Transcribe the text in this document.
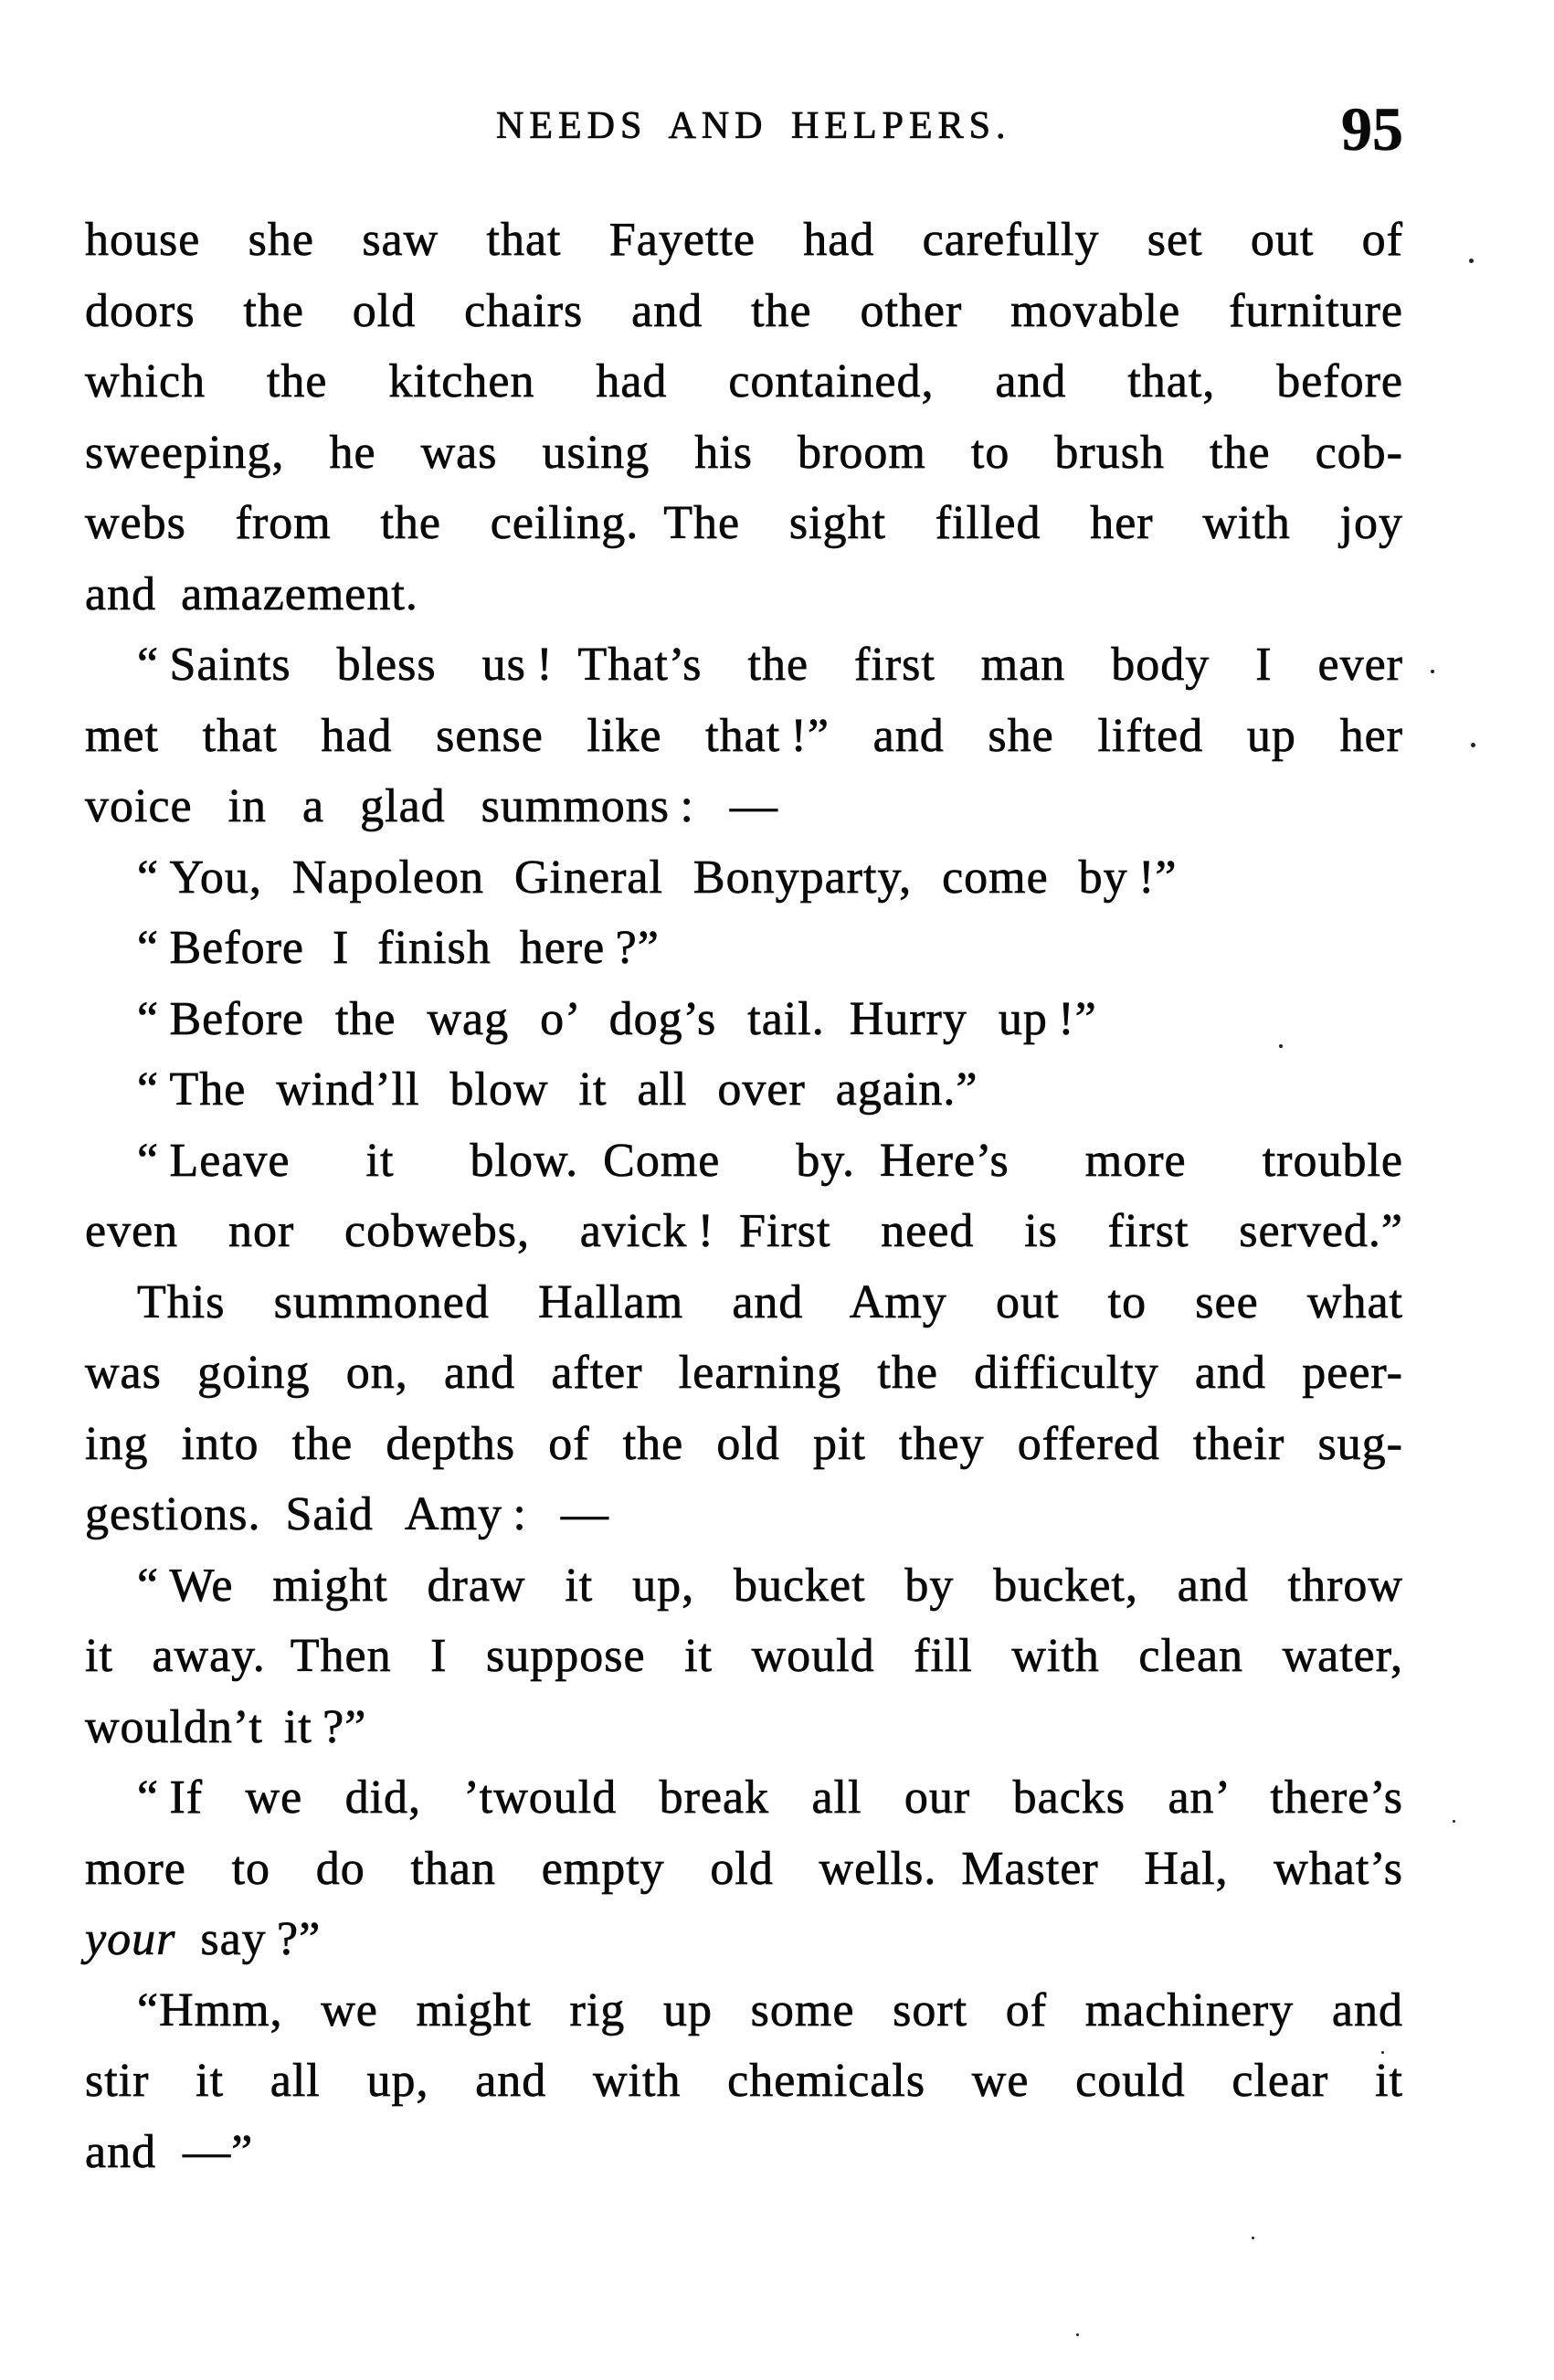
NEEDS AND HELPERS.	95
house she saw that Fayette had carefully set out of
doors the old chairs and the other movable furniture
which the kitchen had contained, and that, before
sweeping, he was using his broom to brush the cob-
webs from the ceiling. The sight filled her with joy
and amazement.
“ Saints bless us ! That’s the first man body I ever
met that had sense like that !” and she lifted up her
voice in a glad summons : —
“ You, Napoleon Gineral Bonyparty, come by !”
“ Before I finish here ?”
“ Before the wag o’ dog’s tail. Hurry up !”
“ The wind’ll blow it all over again.”
“ Leave it blow. Come by. Here’s more trouble
even nor cobwebs, avick ! First need is first served.”
This summoned Hallam and Amy out to see what
was going on, and after learning the difficulty and peer-
ing into the depths of the old pit they offered their sug-
gestions. Said Amy : —
“ We might draw it up, bucket by bucket, and throw
it away. Then I suppose it would fill with clean water,
wouldn’t it ?”
“ If we did, ’twould break all our backs an’ there’s
more to do than empty old wells. Master Hal, what’s
your say ?”
“Hmm, we might rig up some sort of machinery and
stir it all up, and with chemicals we could clear it
and —”
